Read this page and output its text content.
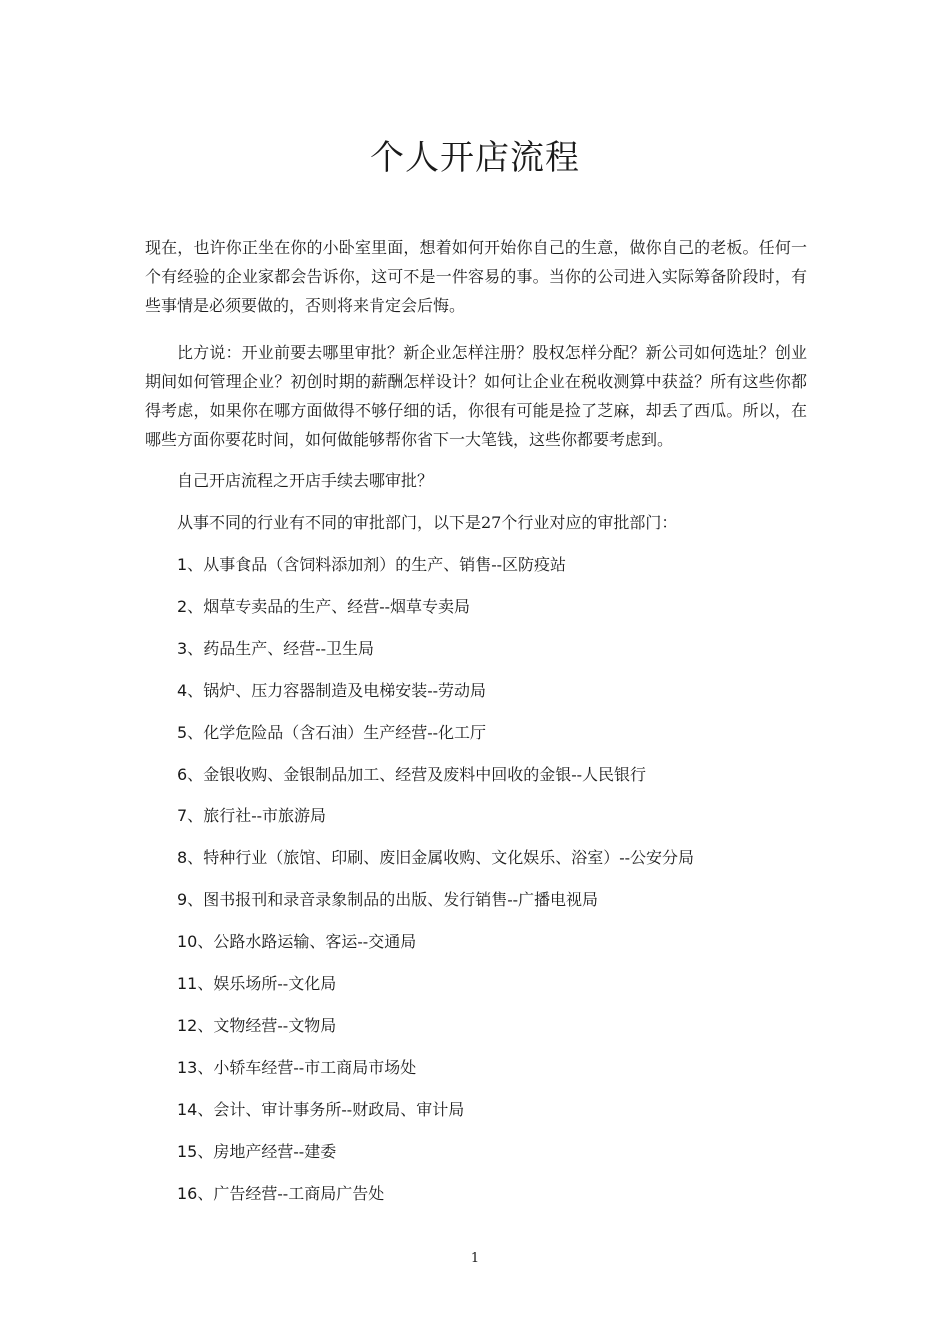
个人开店流程

现在，也许你正坐在你的小卧室里面，想着如何开始你自己的生意，做你自己的老板。任何一个有经验的企业家都会告诉你，这可不是一件容易的事。当你的公司进入实际筹备阶段时，有些事情是必须要做的，否则将来肯定会后悔。

比方说：开业前要去哪里审批？新企业怎样注册？股权怎样分配？新公司如何选址？创业期间如何管理企业？初创时期的薪酬怎样设计？如何让企业在税收测算中获益？所有这些你都得考虑，如果你在哪方面做得不够仔细的话，你很有可能是捡了芝麻，却丢了西瓜。所以，在哪些方面你要花时间，如何做能够帮你省下一大笔钱，这些你都要考虑到。

自己开店流程之开店手续去哪审批？
从事不同的行业有不同的审批部门，以下是27个行业对应的审批部门：
1、从事食品（含饲料添加剂）的生产、销售--区防疫站
2、烟草专卖品的生产、经营--烟草专卖局
3、药品生产、经营--卫生局
4、锅炉、压力容器制造及电梯安装--劳动局
5、化学危险品（含石油）生产经营--化工厅
6、金银收购、金银制品加工、经营及废料中回收的金银--人民银行
7、旅行社--市旅游局
8、特种行业（旅馆、印刷、废旧金属收购、文化娱乐、浴室）--公安分局
9、图书报刊和录音录象制品的出版、发行销售--广播电视局
10、公路水路运输、客运--交通局
11、娱乐场所--文化局
12、文物经营--文物局
13、小轿车经营--市工商局市场处
14、会计、审计事务所--财政局、审计局
15、房地产经营--建委
16、广告经营--工商局广告处
1
